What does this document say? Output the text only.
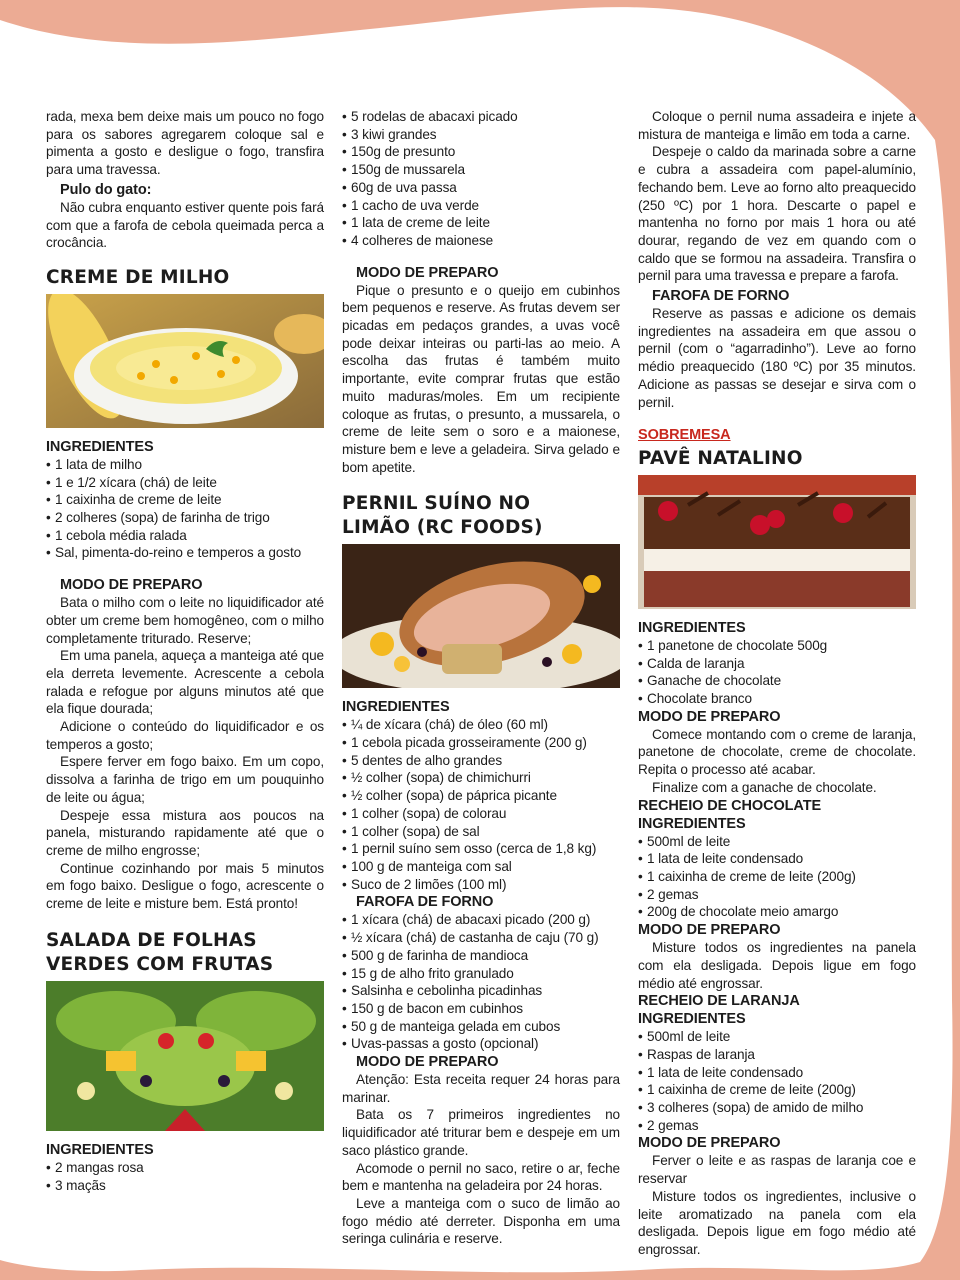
rada, mexa bem deixe mais um pouco no fogo para os sabores agregarem coloque sal e pimenta a gosto e desligue o fogo, transfira para uma travessa.

Pulo do gato:

Não cubra enquanto estiver quente pois fará com que a farofa de cebola queimada perca a crocância.

CREME DE MILHO
INGREDIENTES
• 1 lata de milho
• 1 e 1/2 xícara (chá) de leite
• 1 caixinha de creme de leite
• 2 colheres (sopa) de farinha de trigo
• 1 cebola média ralada
• Sal, pimenta-do-reino e temperos a gosto
MODO DE PREPARO

Bata o milho com o leite no liquidificador até obter um creme bem homogêneo, com o milho completamente triturado. Reserve;

Em uma panela, aqueça a manteiga até que ela derreta levemente. Acrescente a cebola ralada e refogue por alguns minutos até que ela fique dourada;

Adicione o conteúdo do liquidificador e os temperos a gosto;

Espere ferver em fogo baixo. Em um copo, dissolva a farinha de trigo em um pouquinho de leite ou água;

Despeje essa mistura aos poucos na panela, misturando rapidamente até que o creme de milho engrosse;

Continue cozinhando por mais 5 minutos em fogo baixo. Desligue o fogo, acrescente o creme de leite e misture bem. Está pronto!

SALADA DE FOLHAS
VERDES COM FRUTAS
INGREDIENTES
• 2 mangas rosa
• 3 maçãs
• 5 rodelas de abacaxi picado
• 3 kiwi grandes
• 150g de presunto
• 150g de mussarela
• 60g de uva passa
• 1 cacho de uva verde
• 1 lata de creme de leite
• 4 colheres de maionese
MODO DE PREPARO

Pique o presunto e o queijo em cubinhos bem pequenos e reserve. As frutas devem ser picadas em pedaços grandes, a uvas você pode deixar inteiras ou parti-las ao meio. A escolha das frutas é também muito importante, evite comprar frutas que estão muito maduras/moles. Em um recipiente coloque as frutas, o presunto, a mussarela, o creme de leite sem o soro e a maionese, misture bem e leve a geladeira. Sirva gelado e bom apetite.

PERNIL SUÍNO NO
LIMÃO (RC FOODS)
INGREDIENTES
• ¼ de xícara (chá) de óleo (60 ml)
• 1 cebola picada grosseiramente (200 g)
• 5 dentes de alho grandes
• ½ colher (sopa) de chimichurri
• ½ colher (sopa) de páprica picante
• 1 colher (sopa) de colorau
• 1 colher (sopa) de sal
• 1 pernil suíno sem osso (cerca de 1,8 kg)
• 100 g de manteiga com sal
• Suco de 2 limões (100 ml)
FAROFA DE FORNO
• 1 xícara (chá) de abacaxi picado (200 g)
• ½ xícara (chá) de castanha de caju (70 g)
• 500 g de farinha de mandioca
• 15 g de alho frito granulado
• Salsinha e cebolinha picadinhas
• 150 g de bacon em cubinhos
• 50 g de manteiga gelada em cubos
• Uvas-passas a gosto (opcional)
MODO DE PREPARO

Atenção: Esta receita requer 24 horas para marinar.

Bata os 7 primeiros ingredientes no liquidificador até triturar bem e despeje em um saco plástico grande.

Acomode o pernil no saco, retire o ar, feche bem e mantenha na geladeira por 24 horas.

Leve a manteiga com o suco de limão ao fogo médio até derreter. Disponha em uma seringa culinária e reserve.

Coloque o pernil numa assadeira e injete a mistura de manteiga e limão em toda a carne.

Despeje o caldo da marinada sobre a carne e cubra a assadeira com papel-alumínio, fechando bem. Leve ao forno alto preaquecido (250 ºC) por 1 hora. Descarte o papel e mantenha no forno por mais 1 hora ou até dourar, regando de vez em quando com o caldo que se formou na assadeira. Transfira o pernil para uma travessa e prepare a farofa.

FAROFA DE FORNO

Reserve as passas e adicione os demais ingredientes na assadeira em que assou o pernil (com o “agarradinho”). Leve ao forno médio preaquecido (180 ºC) por 35 minutos. Adicione as passas se desejar e sirva com o pernil.

SOBREMESA
PAVÊ NATALINO
INGREDIENTES
• 1 panetone de chocolate 500g
• Calda de laranja
• Ganache de chocolate
• Chocolate branco
MODO DE PREPARO

Comece montando com o creme de laranja, panetone de chocolate, creme de chocolate. Repita o processo até acabar.

Finalize com a ganache de chocolate.

RECHEIO DE CHOCOLATE
INGREDIENTES
• 500ml de leite
• 1 lata de leite condensado
• 1 caixinha de creme de leite (200g)
• 2 gemas
• 200g de chocolate meio amargo
MODO DE PREPARO

Misture todos os ingredientes na panela com ela desligada. Depois ligue em fogo médio até engrossar.

RECHEIO DE LARANJA
INGREDIENTES
• 500ml de leite
• Raspas de laranja
• 1 lata de leite condensado
• 1 caixinha de creme de leite (200g)
• 3 colheres (sopa) de amido de milho
• 2 gemas
MODO DE PREPARO

Ferver o leite e as raspas de laranja coe e reservar

Misture todos os ingredientes, inclusive o leite aromatizado na panela com ela desligada. Depois ligue em fogo médio até engrossar.
